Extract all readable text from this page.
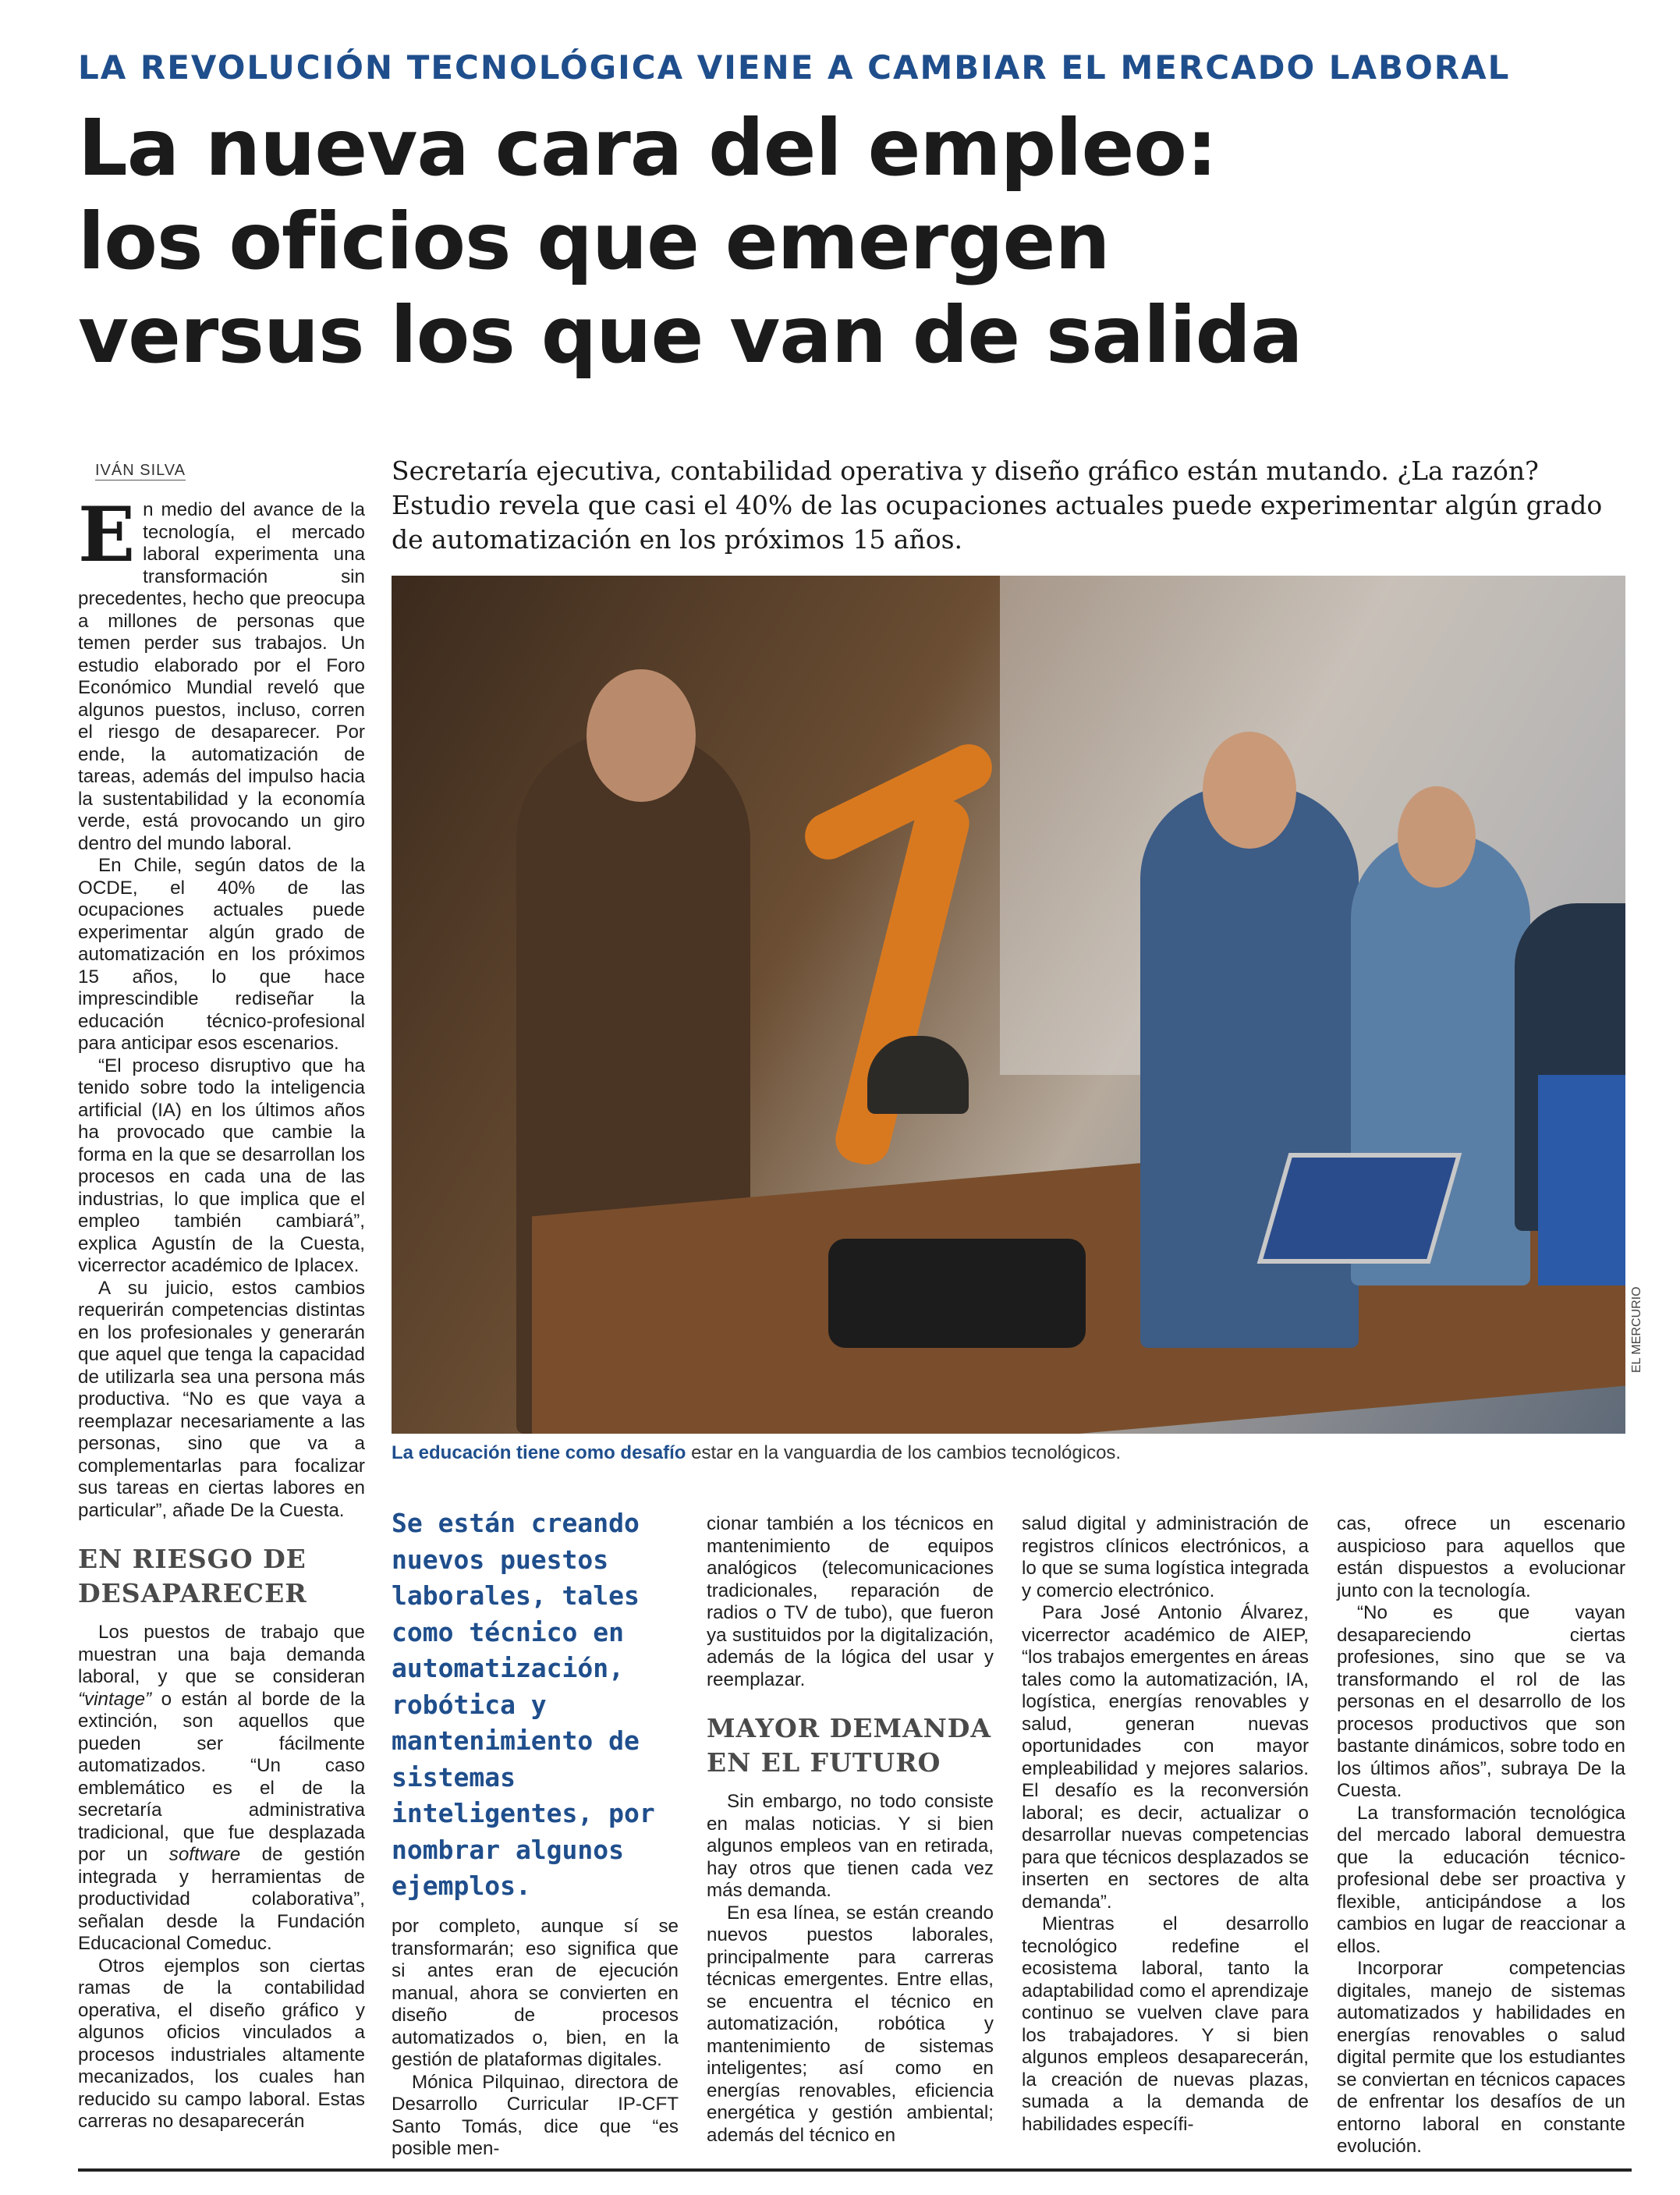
LA REVOLUCIÓN TECNOLÓGICA VIENE A CAMBIAR EL MERCADO LABORAL
La nueva cara del empleo:
los oficios que emergen
versus los que van de salida
IVÁN SILVA	Secretaría ejecutiva, contabilidad operativa y diseño gráfico están mutando. ¿La razón? Estudio revela que casi el 40% de las ocupaciones actuales puede experimentar algún grado de automatización en los próximos 15 años.
EL MERCURIO
La educación tiene como desafío estar en la vanguardia de los cambios tecnológicos.

En medio del avance de la tecnología, el mercado laboral experimenta una transformación sin precedentes, hecho que preocupa a millones de personas que temen perder sus trabajos. Un estudio elaborado por el Foro Económico Mundial reveló que algunos puestos, incluso, corren el riesgo de desaparecer. Por ende, la automatización de tareas, además del impulso hacia la sustentabilidad y la economía verde, está provocando un giro dentro del mundo laboral.

En Chile, según datos de la OCDE, el 40% de las ocupaciones actuales puede experimentar algún grado de automatización en los próximos 15 años, lo que hace imprescindible rediseñar la educación técnico-profesional para anticipar esos escenarios.

“El proceso disruptivo que ha tenido sobre todo la inteligencia artificial (IA) en los últimos años ha provocado que cambie la forma en la que se desarrollan los procesos en cada una de las industrias, lo que implica que el empleo también cambiará”, explica Agustín de la Cuesta, vicerrector académico de Iplacex.

A su juicio, estos cambios requerirán competencias distintas en los profesionales y generarán que aquel que tenga la capacidad de utilizarla sea una persona más productiva. “No es que vaya a reemplazar necesariamente a las personas, sino que va a complementarlas para focalizar sus tareas en ciertas labores en particular”, añade De la Cuesta.

EN RIESGO DE DESAPARECER

Los puestos de trabajo que muestran una baja demanda laboral, y que se consideran “vintage” o están al borde de la extinción, son aquellos que pueden ser fácilmente automatizados. “Un caso emblemático es el de la secretaría administrativa tradicional, que fue desplazada por un software de gestión integrada y herramientas de productividad colaborativa”, señalan desde la Fundación Educacional Comeduc.

Otros ejemplos son ciertas ramas de la contabilidad operativa, el diseño gráfico y algunos oficios vinculados a procesos industriales altamente mecanizados, los cuales han reducido su campo laboral. Estas carreras no desaparecerán

Se están creando nuevos puestos laborales, tales como técnico en automatización, robótica y mantenimiento de sistemas inteligentes, por nombrar algunos ejemplos.

por completo, aunque sí se transformarán; eso significa que si antes eran de ejecución manual, ahora se convierten en diseño de procesos automatizados o, bien, en la gestión de plataformas digitales.

Mónica Pilquinao, directora de Desarrollo Curricular IP-CFT Santo Tomás, dice que “es posible men-

cionar también a los técnicos en mantenimiento de equipos analógicos (telecomunicaciones tradicionales, reparación de radios o TV de tubo), que fueron ya sustituidos por la digitalización, además de la lógica del usar y reemplazar.

MAYOR DEMANDA EN EL FUTURO

Sin embargo, no todo consiste en malas noticias. Y si bien algunos empleos van en retirada, hay otros que tienen cada vez más demanda.

En esa línea, se están creando nuevos puestos laborales, principalmente para carreras técnicas emergentes. Entre ellas, se encuentra el técnico en automatización, robótica y mantenimiento de sistemas inteligentes; así como en energías renovables, eficiencia energética y gestión ambiental; además del técnico en

salud digital y administración de registros clínicos electrónicos, a lo que se suma logística integrada y comercio electrónico.

Para José Antonio Álvarez, vicerrector académico de AIEP, “los trabajos emergentes en áreas tales como la automatización, IA, logística, energías renovables y salud, generan nuevas oportunidades con mayor empleabilidad y mejores salarios. El desafío es la reconversión laboral; es decir, actualizar o desarrollar nuevas competencias para que técnicos desplazados se inserten en sectores de alta demanda”.

Mientras el desarrollo tecnológico redefine el ecosistema laboral, tanto la adaptabilidad como el aprendizaje continuo se vuelven clave para los trabajadores. Y si bien algunos empleos desaparecerán, la creación de nuevas plazas, sumada a la demanda de habilidades específi-

cas, ofrece un escenario auspicioso para aquellos que están dispuestos a evolucionar junto con la tecnología.

“No es que vayan desapareciendo ciertas profesiones, sino que se va transformando el rol de las personas en el desarrollo de los procesos productivos que son bastante dinámicos, sobre todo en los últimos años”, subraya De la Cuesta.

La transformación tecnológica del mercado laboral demuestra que la educación técnico-profesional debe ser proactiva y flexible, anticipándose a los cambios en lugar de reaccionar a ellos.

Incorporar competencias digitales, manejo de sistemas automatizados y habilidades en energías renovables o salud digital permite que los estudiantes se conviertan en técnicos capaces de enfrentar los desafíos de un entorno laboral en constante evolución.
